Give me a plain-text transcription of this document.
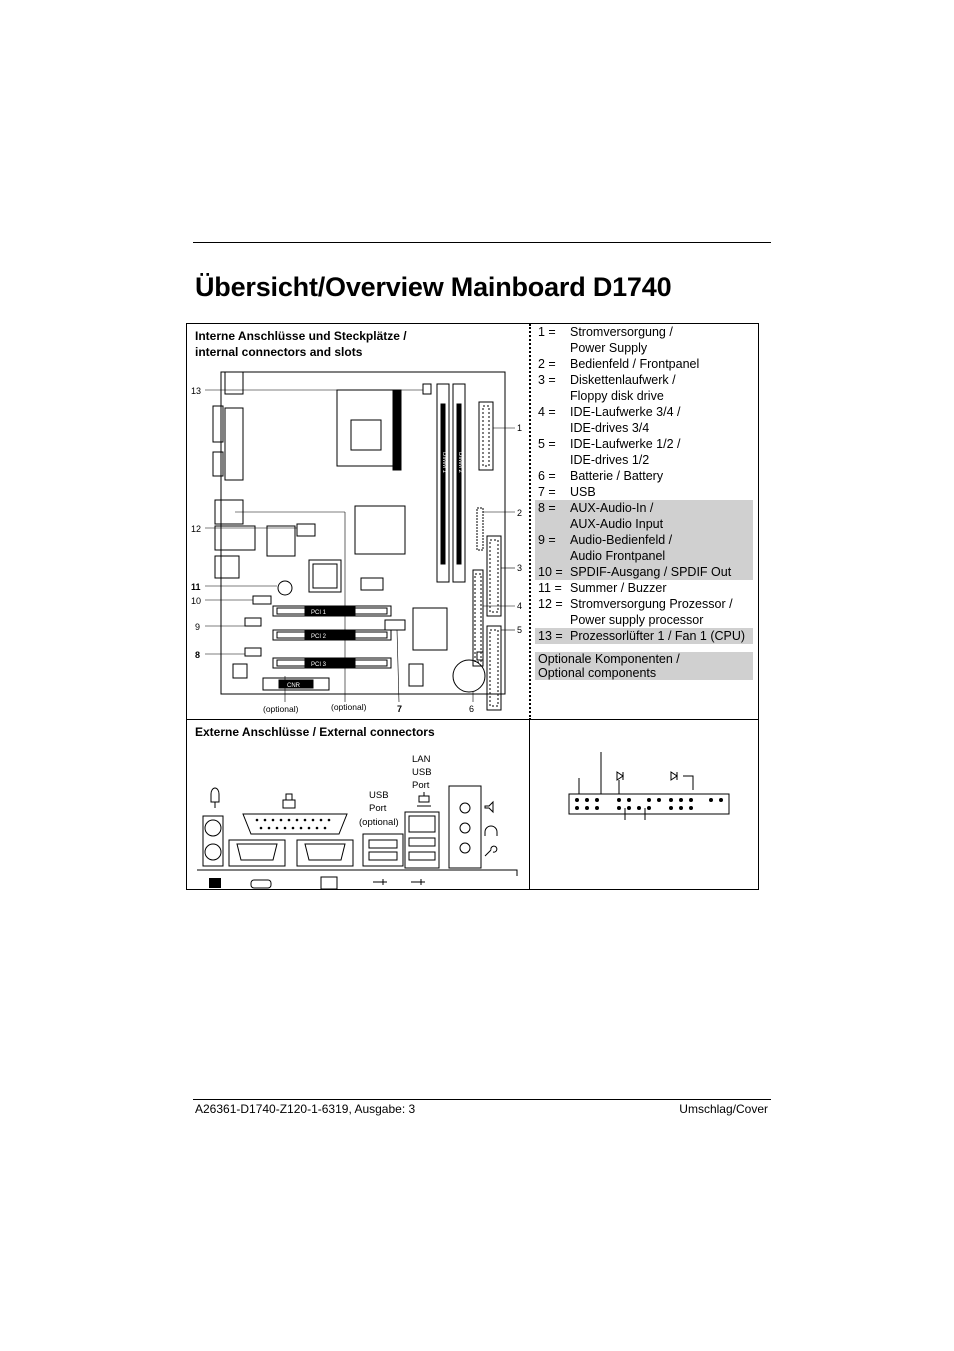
Übersicht/Overview Mainboard D1740
Interne Anschlüsse und Steckplätze /
internal connectors and slots
DIMM 1 DIMM 2
PCI 1
PCI 2
PCI 3
CNR
13
1
2
3
4
5
12
11
10
9
8
7	6
(optional)	(optional)
1 =	Stromversorgung /
Power Supply
2 =	Bedienfeld / Frontpanel
3 =	Diskettenlaufwerk /
Floppy disk drive
4 =	IDE-Laufwerke 3/4 /
IDE-drives 3/4
5 =	IDE-Laufwerke 1/2 /
IDE-drives 1/2
6 =	Batterie / Battery
7 =	USB
8 =	AUX-Audio-In /
AUX-Audio Input
9 =	Audio-Bedienfeld /
Audio Frontpanel
10 = SPDIF-Ausgang / SPDIF Out
11 = Summer / Buzzer
12 = Stromversorgung Prozessor /
Power supply processor
13 = Prozessorlüfter 1 / Fan 1 (CPU)
Optionale Komponenten /
Optional components
Externe Anschlüsse / External connectors
LAN
USB
Port
USB
Port
(optional)
A26361-D1740-Z120-1-6319, Ausgabe: 3	Umschlag/Cover
